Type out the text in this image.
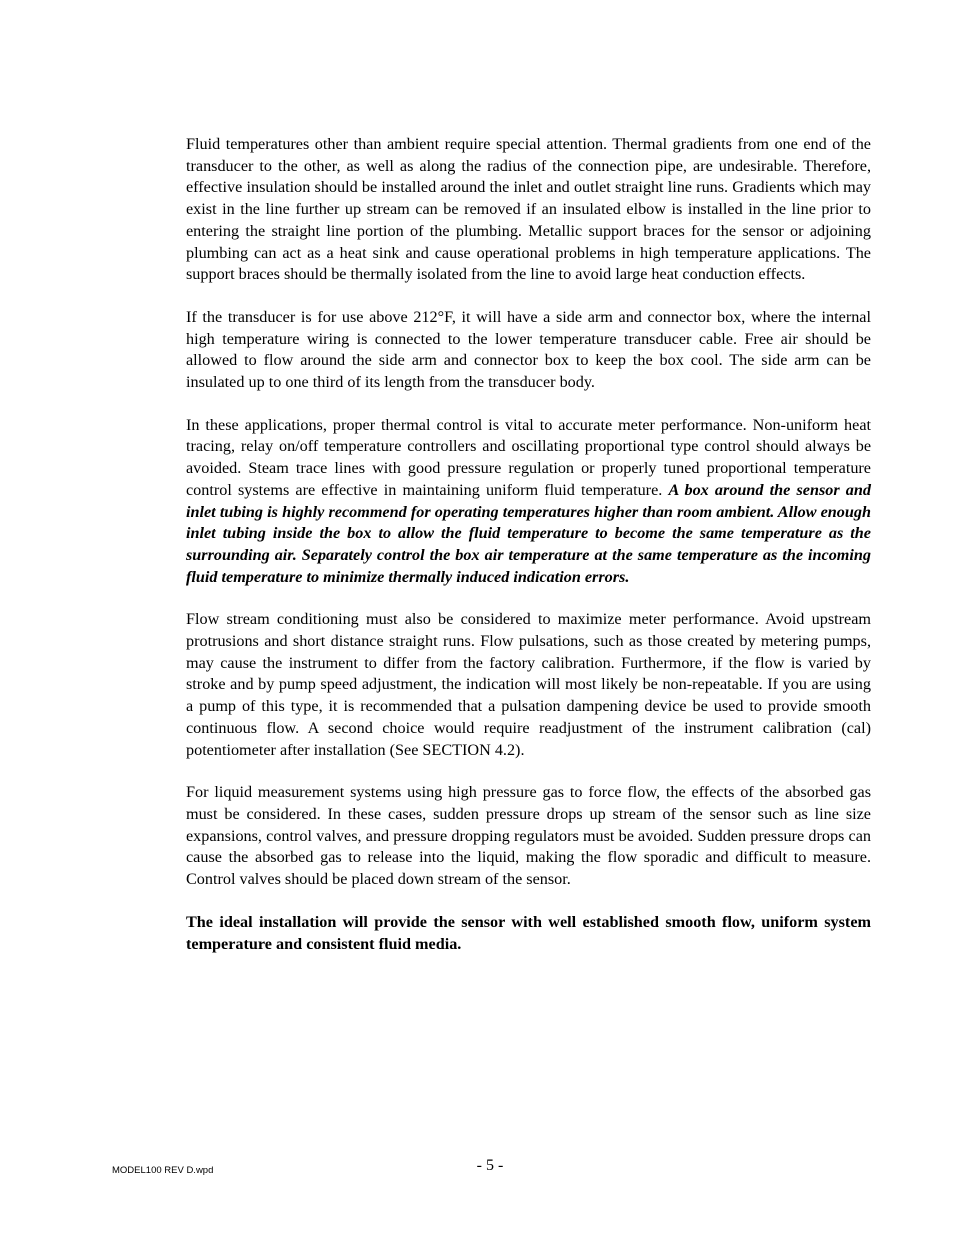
Fluid temperatures other than ambient require special attention. Thermal gradients from one end of the transducer to the other, as well as along the radius of the connection pipe, are undesirable. Therefore, effective insulation should be installed around the inlet and outlet straight line runs. Gradients which may exist in the line further up stream can be removed if an insulated elbow is installed in the line prior to entering the straight line portion of the plumbing. Metallic support braces for the sensor or adjoining plumbing can act as a heat sink and cause operational problems in high temperature applications. The support braces should be thermally isolated from the line to avoid large heat conduction effects.

If the transducer is for use above 212°F, it will have a side arm and connector box, where the internal high temperature wiring is connected to the lower temperature transducer cable. Free air should be allowed to flow around the side arm and connector box to keep the box cool. The side arm can be insulated up to one third of its length from the transducer body.

In these applications, proper thermal control is vital to accurate meter performance. Non-uniform heat tracing, relay on/off temperature controllers and oscillating proportional type control should always be avoided. Steam trace lines with good pressure regulation or properly tuned proportional temperature control systems are effective in maintaining uniform fluid temperature. A box around the sensor and inlet tubing is highly recommend for operating temperatures higher than room ambient. Allow enough inlet tubing inside the box to allow the fluid temperature to become the same temperature as the surrounding air. Separately control the box air temperature at the same temperature as the incoming fluid temperature to minimize thermally induced indication errors.

Flow stream conditioning must also be considered to maximize meter performance. Avoid upstream protrusions and short distance straight runs. Flow pulsations, such as those created by metering pumps, may cause the instrument to differ from the factory calibration. Furthermore, if the flow is varied by stroke and by pump speed adjustment, the indication will most likely be non-repeatable. If you are using a pump of this type, it is recommended that a pulsation dampening device be used to provide smooth continuous flow. A second choice would require readjustment of the instrument calibration (cal) potentiometer after installation (See SECTION 4.2).

For liquid measurement systems using high pressure gas to force flow, the effects of the absorbed gas must be considered. In these cases, sudden pressure drops up stream of the sensor such as line size expansions, control valves, and pressure dropping regulators must be avoided. Sudden pressure drops can cause the absorbed gas to release into the liquid, making the flow sporadic and difficult to measure. Control valves should be placed down stream of the sensor.

The ideal installation will provide the sensor with well established smooth flow, uniform system temperature and consistent fluid media.

MODEL100 REV D.wpd	- 5 -
